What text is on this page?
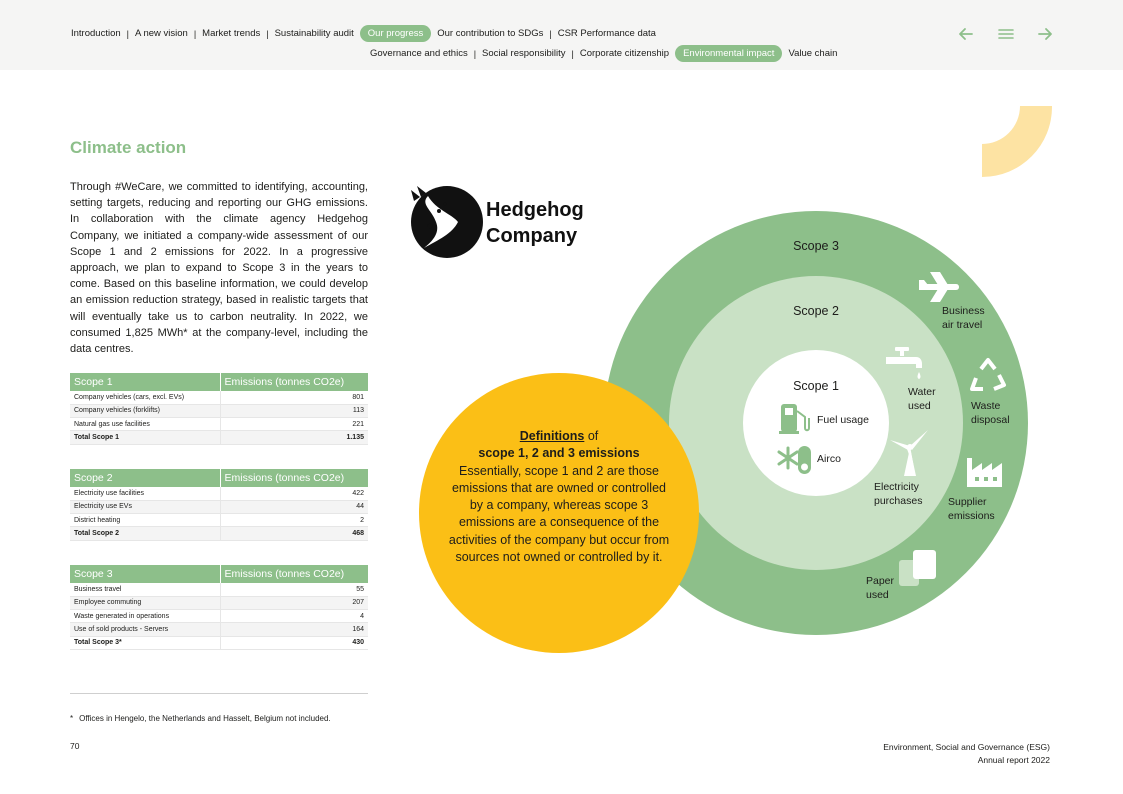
Introduction | A new vision | Market trends | Sustainability audit	Our progress	Our contribution to SDGs | CSR Performance data
Governance and ethics | Social responsibility | Corporate citizenship	Environmental impact	Value chain
Climate action

Through #WeCare, we committed to identifying, accounting, setting targets, reducing and reporting our GHG emissions. In collaboration with the climate agency Hedgehog Company, we initiated a company-wide assessment of our Scope 1 and 2 emissions for 2022. In a progressive approach, we plan to expand to Scope 3 in the years to come. Based on this baseline information, we could develop an emission reduction strategy, based in realistic targets that will eventually take us to carbon neutrality. In 2022, we consumed 1,825 MWh* at the company-level, including the data centres.

Scope 1	Emissions (tonnes CO2e)
Company vehicles (cars, excl. EVs)	801
Company vehicles (forklifts)	113
Natural gas use facilities	221
Total Scope 1	1.135
Scope 2	Emissions (tonnes CO2e)
Electricity use facilities	422
Electricity use EVs	44
District heating	2
Total Scope 2	468
Scope 3	Emissions (tonnes CO2e)
Business travel	55
Employee commuting	207
Waste generated in operations	4
Use of sold products - Servers	164
Total Scope 3*	430
* Offices in Hengelo, the Netherlands and Hasselt, Belgium not included.
70	Environment, Social and Governance (ESG)
Annual report 2022
Hedgehog
Company	Scope 3
Scope 2
Scope 1
Fuel usage
Airco
Water
used
Electricity
purchases
Business
air travel
Waste
disposal
Supplier
emissions
Paper
used
Definitions of
scope 1, 2 and 3 emissions
Essentially, scope 1 and 2 are those emissions that are owned or controlled by a company, whereas scope 3 emissions are a consequence of the activities of the company but occur from sources not owned or controlled by it.
